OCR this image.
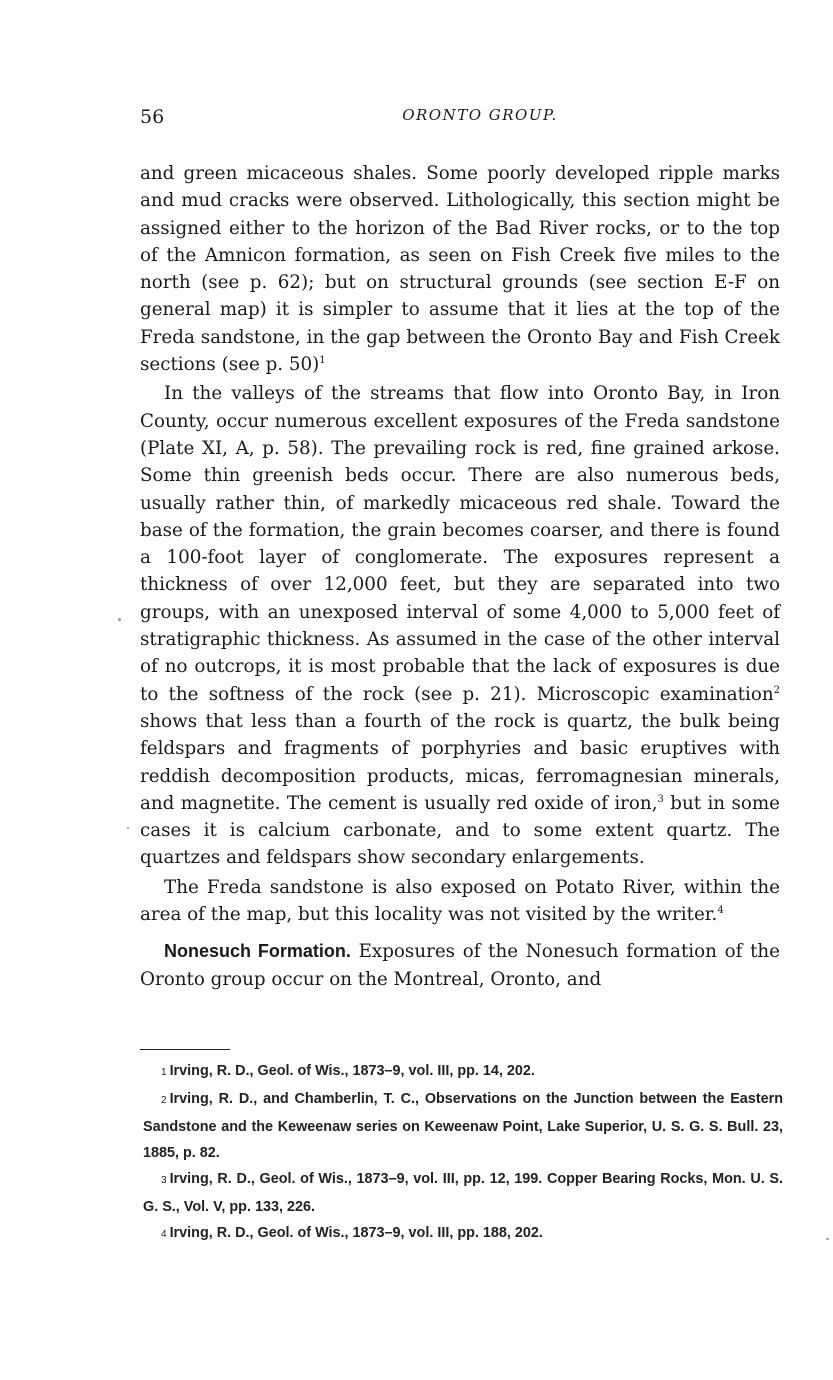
56	ORONTO GROUP.

and green micaceous shales. Some poorly developed ripple marks and mud cracks were observed. Lithologically, this section might be assigned either to the horizon of the Bad River rocks, or to the top of the Amnicon formation, as seen on Fish Creek five miles to the north (see p. 62); but on structural grounds (see section E-F on general map) it is simpler to assume that it lies at the top of the Freda sandstone, in the gap between the Oronto Bay and Fish Creek sections (see p. 50)$^1$

In the valleys of the streams that flow into Oronto Bay, in Iron County, occur numerous excellent exposures of the Freda sandstone (Plate XI, A, p. 58). The prevailing rock is red, fine grained arkose. Some thin greenish beds occur. There are also numerous beds, usually rather thin, of markedly micaceous red shale. Toward the base of the formation, the grain becomes coarser, and there is found a 100-foot layer of conglomerate. The exposures represent a thickness of over 12,000 feet, but they are separated into two groups, with an unexposed interval of some 4,000 to 5,000 feet of stratigraphic thickness. As assumed in the case of the other interval of no outcrops, it is most probable that the lack of exposures is due to the softness of the rock (see p. 21). Microscopic examination$^2$ shows that less than a fourth of the rock is quartz, the bulk being feldspars and fragments of porphyries and basic eruptives with reddish decomposition products, micas, ferromagnesian minerals, and magnetite. The cement is usually red oxide of iron,$^3$ but in some cases it is calcium carbonate, and to some extent quartz. The quartzes and feldspars show secondary enlargements.

The Freda sandstone is also exposed on Potato River, within the area of the map, but this locality was not visited by the writer.$^4$

Nonesuch Formation. Exposures of the Nonesuch formation of the Oronto group occur on the Montreal, Oronto, and

1 Irving, R. D., Geol. of Wis., 1873–9, vol. III, pp. 14, 202.

2 Irving, R. D., and Chamberlin, T. C., Observations on the Junction between the Eastern Sandstone and the Keweenaw series on Keweenaw Point, Lake Superior, U. S. G. S. Bull. 23, 1885, p. 82.

3 Irving, R. D., Geol. of Wis., 1873–9, vol. III, pp. 12, 199. Copper Bearing Rocks, Mon. U. S. G. S., Vol. V, pp. 133, 226.

4 Irving, R. D., Geol. of Wis., 1873–9, vol. III, pp. 188, 202.
